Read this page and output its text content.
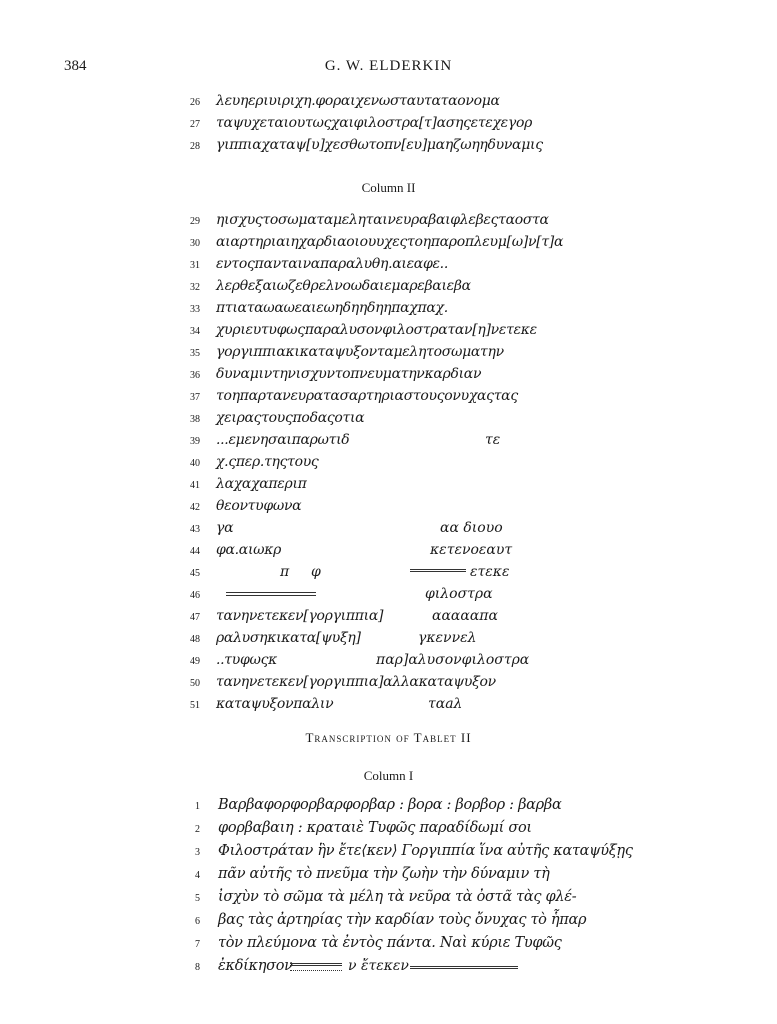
384	G. W. ELDERKIN
26 λευηεριυιριχη.φοραιχενωσταυταταονομα
27 ταψυχεταιουτωςχαιφιλοστρα[τ]ασηςετεχεγορ
28 γιππιαχαταψ[υ]χεσθωτοπν[ευ]μαηζωηηδυναμις
Column II
29 ηισχυςτοσωματαμεληταινευραβαιφλεβεςταοστα
30 αιαρτηριαιηχαρδιαοιουυχεςτοηπαροπλευμ[ω]ν[τ]α
31 εντοςπανταιναπαραλυθη.αιεαφε..
32 λερθεξαιωζεθρελνοωδαιεμαρεβαιεβα
33 πτιαταωαωεαιεωηδηηδηηπαχπαχ.
34 χυριευτυφωςπαραλυσονφιλοστραταν[η]νετεκε
35 γοργιππιακικαταψυξονταμελητοσωματην
36 δυναμιντηνισχυντοπνευματηνκαρδιαν
37 τοηπαρτανευρατασαρτηριαστουςονυχαςτας
38 χειραςτουςποδαςοτια
39 ...εμενησαιπαρωτιδ	τε
40 χ.ςπερ.τηςτους
41 λαχαχαπεριπ
42 θεοντυφωνα
43 γα	αα διουο
44 φα.αιωκρ	κετενοεαυτ
45	π φ	ετεκε
46	φιλοστρα
47 τανηνετεκεν[γοργιππια]	αααααπα
48 ραλυσηκικατα[ψυξη]	γκεννελ
49 ..τυφωςκ	παρ]αλυσονφιλοστρα
50 τανηνετεκεν[γοργιππια]αλλακαταψυξον
51 καταψυξονπαλιν	ταaλ
Transcription of Tablet II
Column I
1 Βαρβαφορφορβαρφορβαρ : βορα : βορβορ : βαρβα
2 φορβαβαιη : κραταιὲ Τυφῶς παραδίδωμί σοι
3 Φιλοστράταν ἣν ἔτε⟨κεν⟩ Γοργιππία ἵνα αὐτῆς καταψύξῃς
4 πᾶν αὐτῆς τὸ πνεῦμα τὴν ζωὴν τὴν δύναμιν τὴ
5 ἰσχὺν τὸ σῶμα τὰ μέλη τὰ νεῦρα τὰ ὀστᾶ τὰς φλέ-
6 βας τὰς ἀρτηρίας τὴν καρδίαν τοὺς ὄνυχας τὸ ἧπαρ
7 τὸν πλεύμονα τὰ ἐντὸς πάντα. Ναὶ κύριε Τυφῶς
8 ἐκδίκησον	ν ἔτεκεν
